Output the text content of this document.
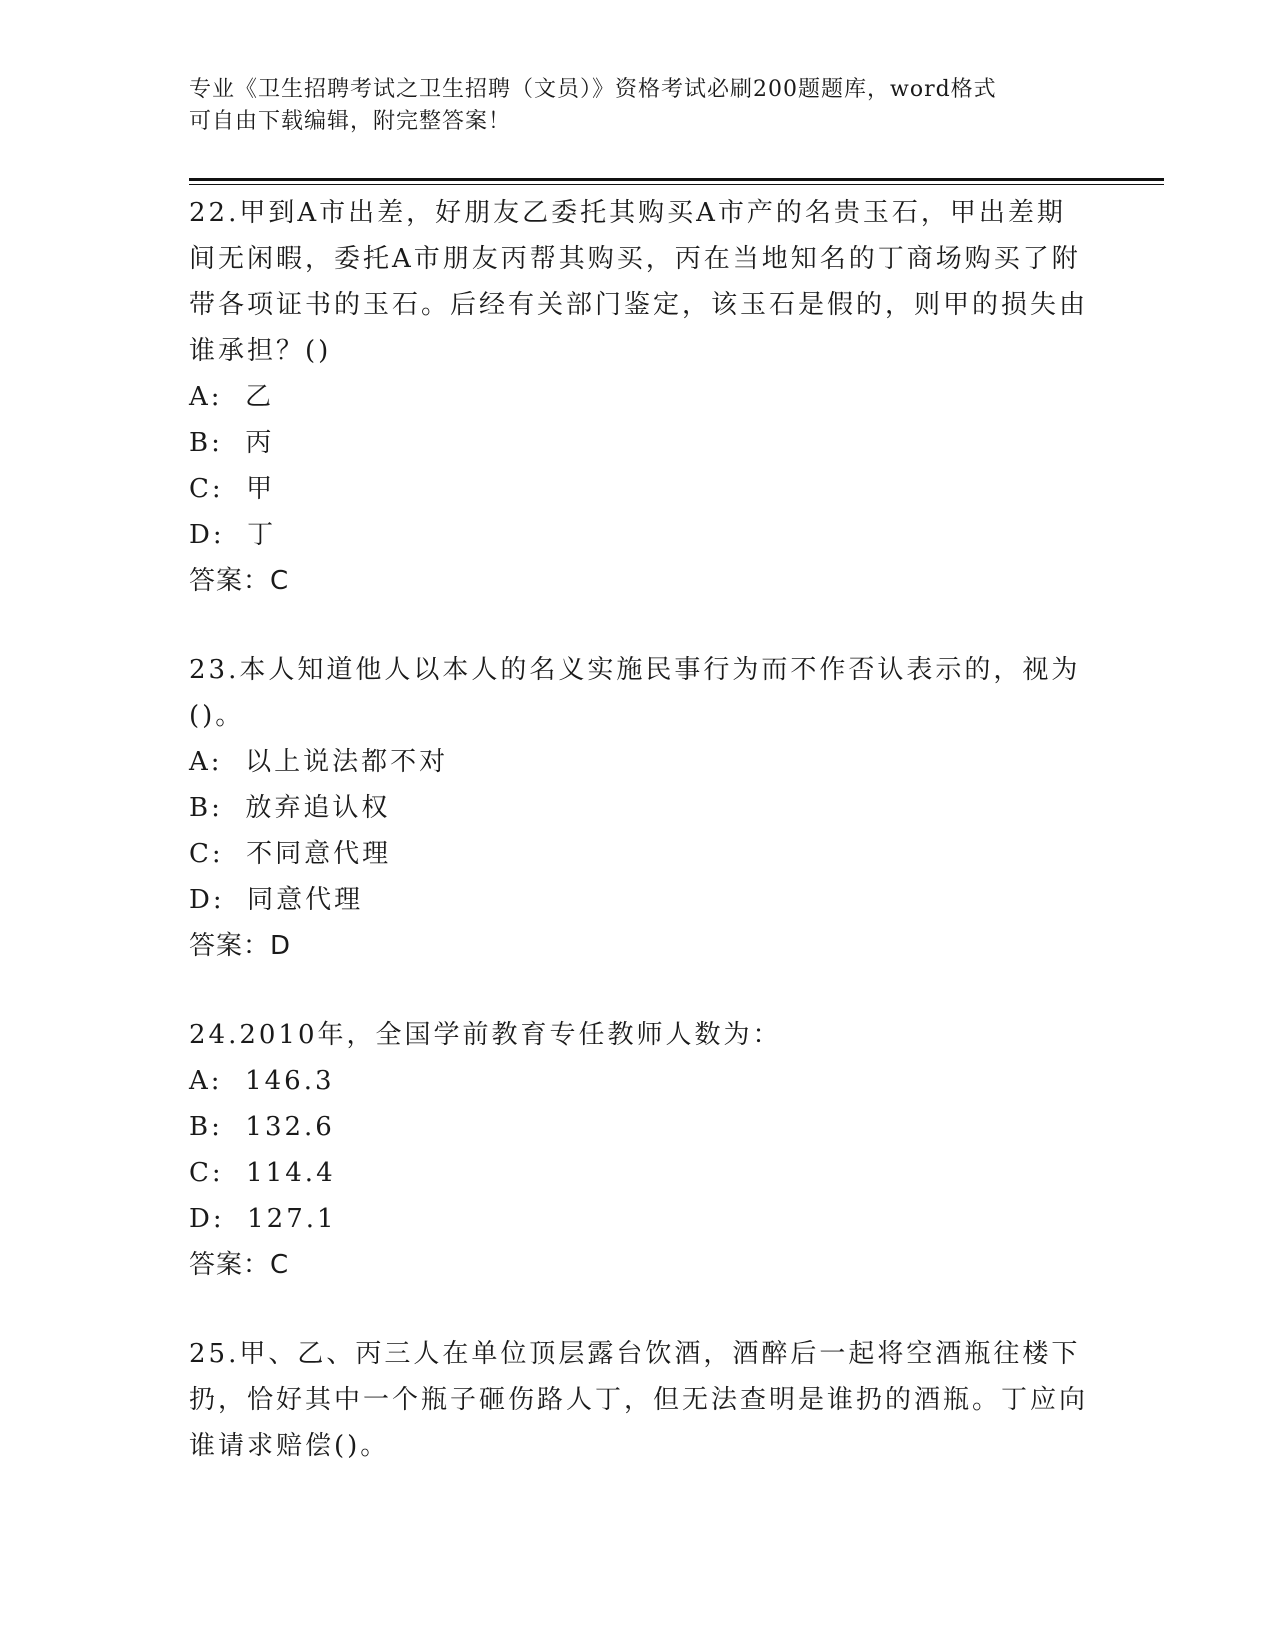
专业《卫生招聘考试之卫生招聘（文员）》资格考试必刷200题题库，word格式
可自由下载编辑，附完整答案！

22.甲到A市出差，好朋友乙委托其购买A市产的名贵玉石，甲出差期间无闲暇，委托A市朋友丙帮其购买，丙在当地知名的丁商场购买了附带各项证书的玉石。后经有关部门鉴定，该玉石是假的，则甲的损失由谁承担？()

A:  乙
B:  丙
C:  甲
D:  丁
答案：C

23.本人知道他人以本人的名义实施民事行为而不作否认表示的，视为()。

A:  以上说法都不对
B:  放弃追认权
C:  不同意代理
D:  同意代理
答案：D

24.2010年，全国学前教育专任教师人数为：

A:  146.3
B:  132.6
C:  114.4
D:  127.1
答案：C

25.甲、乙、丙三人在单位顶层露台饮酒，酒醉后一起将空酒瓶往楼下扔，恰好其中一个瓶子砸伤路人丁，但无法查明是谁扔的酒瓶。丁应向谁请求赔偿()。
